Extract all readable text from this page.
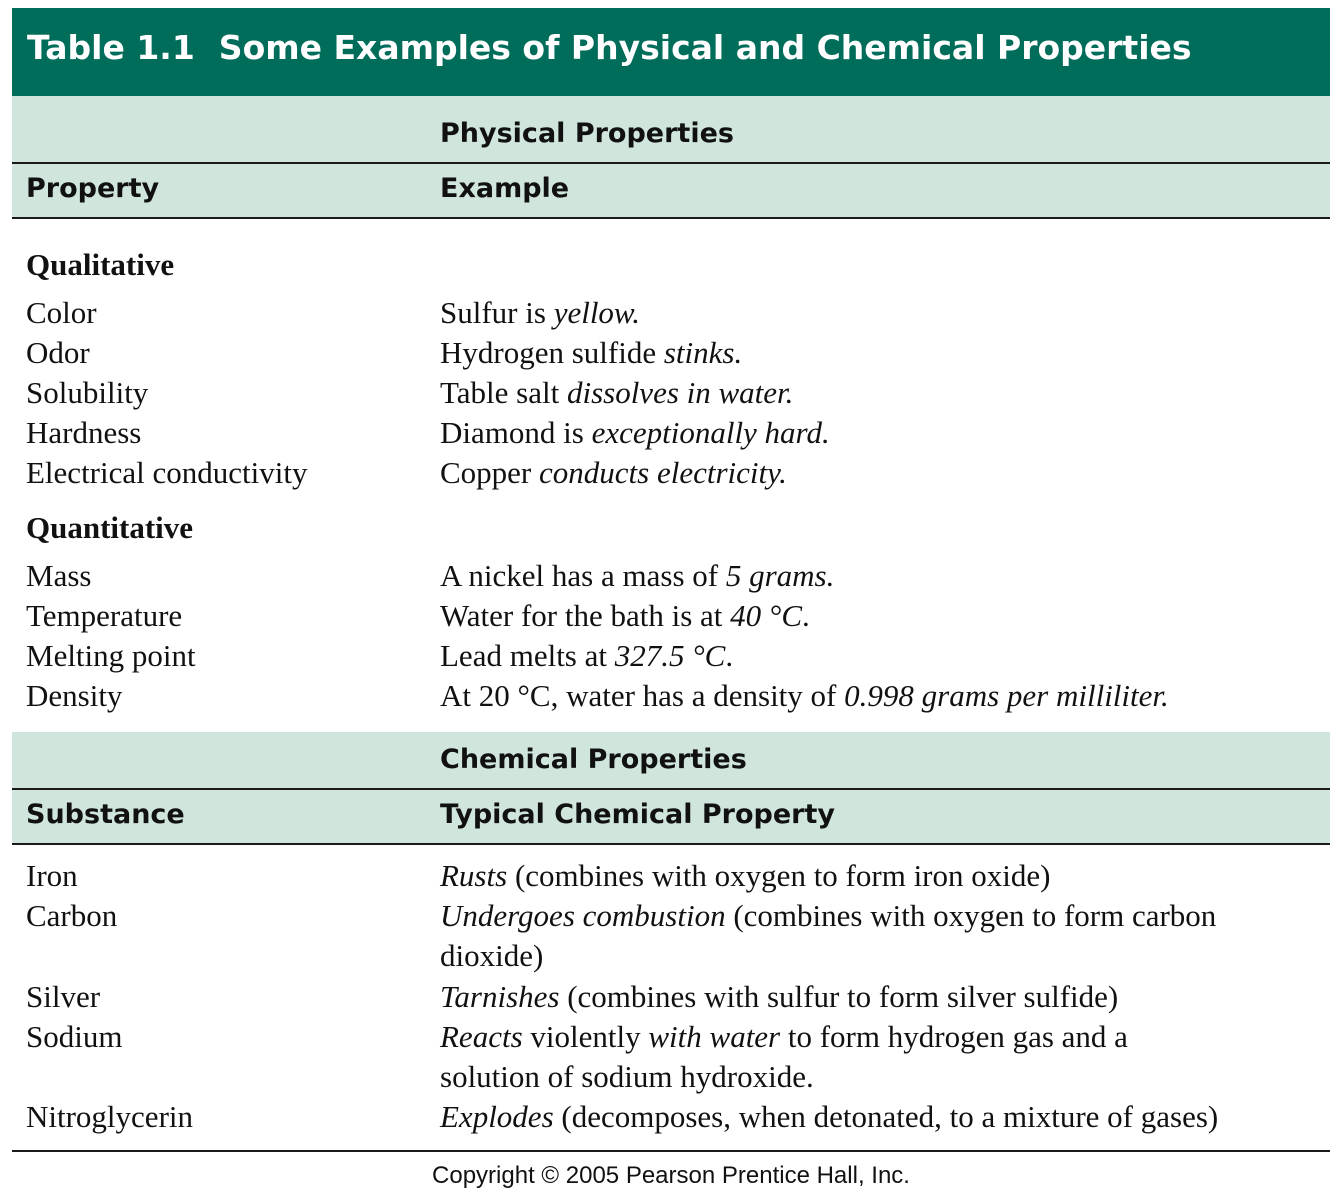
Table 1.1 Some Examples of Physical and Chemical Properties
Physical Properties
Property	Example
Qualitative
Color	Sulfur is yellow.
Odor	Hydrogen sulfide stinks.
Solubility	Table salt dissolves in water.
Hardness	Diamond is exceptionally hard.
Electrical conductivity	Copper conducts electricity.
Quantitative
Mass	A nickel has a mass of 5 grams.
Temperature	Water for the bath is at 40 °C.
Melting point	Lead melts at 327.5 °C.
Density	At 20 °C, water has a density of 0.998 grams per milliliter.
Chemical Properties
Substance	Typical Chemical Property
Iron	Rusts (combines with oxygen to form iron oxide)
Carbon	Undergoes combustion (combines with oxygen to form carbon
dioxide)
Silver	Tarnishes (combines with sulfur to form silver sulfide)
Sodium	Reacts violently with water to form hydrogen gas and a
solution of sodium hydroxide.
Nitroglycerin	Explodes (decomposes, when detonated, to a mixture of gases)
Copyright © 2005 Pearson Prentice Hall, Inc.
